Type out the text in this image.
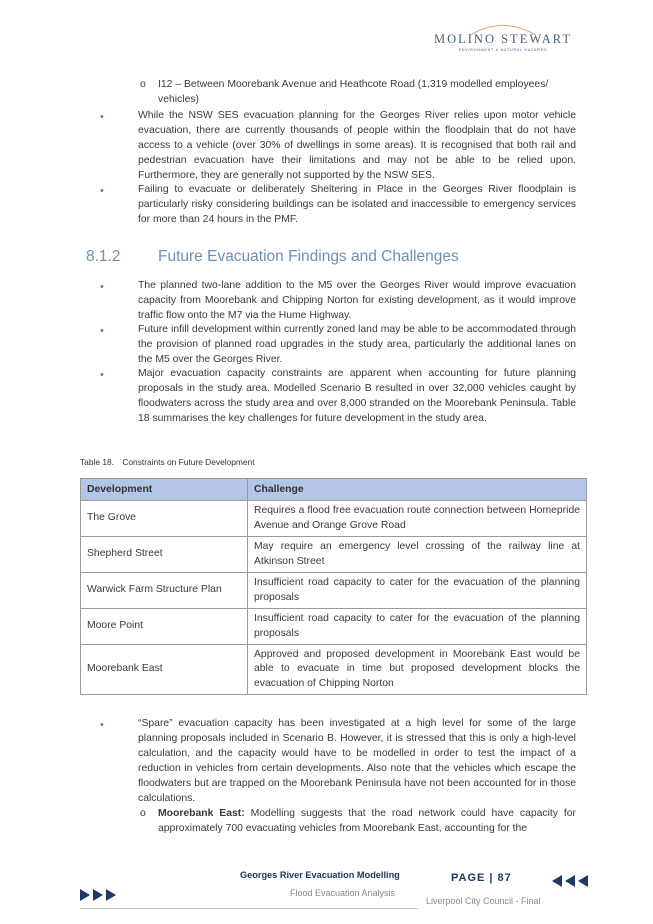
MOLINO STEWART
ENVIRONMENT & NATURAL HAZARDS
o I12 – Between Moorebank Avenue and Heathcote Road (1,319 modelled employees/ vehicles)
•	While the NSW SES evacuation planning for the Georges River relies upon motor vehicle evacuation, there are currently thousands of people within the floodplain that do not have access to a vehicle (over 30% of dwellings in some areas). It is recognised that both rail and pedestrian evacuation have their limitations and may not be able to be relied upon. Furthermore, they are generally not supported by the NSW SES.
•	Failing to evacuate or deliberately Sheltering in Place in the Georges River floodplain is particularly risky considering buildings can be isolated and inaccessible to emergency services for more than 24 hours in the PMF.
8.1.2 Future Evacuation Findings and Challenges
•	The planned two-lane addition to the M5 over the Georges River would improve evacuation capacity from Moorebank and Chipping Norton for existing development, as it would improve traffic flow onto the M7 via the Hume Highway.
•	Future infill development within currently zoned land may be able to be accommodated through the provision of planned road upgrades in the study area, particularly the additional lanes on the M5 over the Georges River.
•	Major evacuation capacity constraints are apparent when accounting for future planning proposals in the study area. Modelled Scenario B resulted in over 32,000 vehicles caught by floodwaters across the study area and over 8,000 stranded on the Moorebank Peninsula. Table 18 summarises the key challenges for future development in the study area.
Table 18. Constraints on Future Development
Development	Challenge
The Grove	Requires a flood free evacuation route connection between Homepride Avenue and Orange Grove Road
Shepherd Street	May require an emergency level crossing of the railway line at Atkinson Street
Warwick Farm Structure Plan	Insufficient road capacity to cater for the evacuation of the planning proposals
Moore Point	Insufficient road capacity to cater for the evacuation of the planning proposals
Moorebank East	Approved and proposed development in Moorebank East would be able to evacuate in time but proposed development blocks the evacuation of Chipping Norton
•	“Spare” evacuation capacity has been investigated at a high level for some of the large planning proposals included in Scenario B. However, it is stressed that this is only a high-level calculation, and the capacity would have to be modelled in order to test the impact of a reduction in vehicles from certain developments. Also note that the vehicles which escape the floodwaters but are trapped on the Moorebank Peninsula have not been accounted for in those calculations.
o Moorebank East: Modelling suggests that the road network could have capacity for approximately 700 evacuating vehicles from Moorebank East, accounting for the
Georges River Evacuation Modelling
Flood Evacuation Analysis
PAGE | 87
Liverpool City Council - Final
